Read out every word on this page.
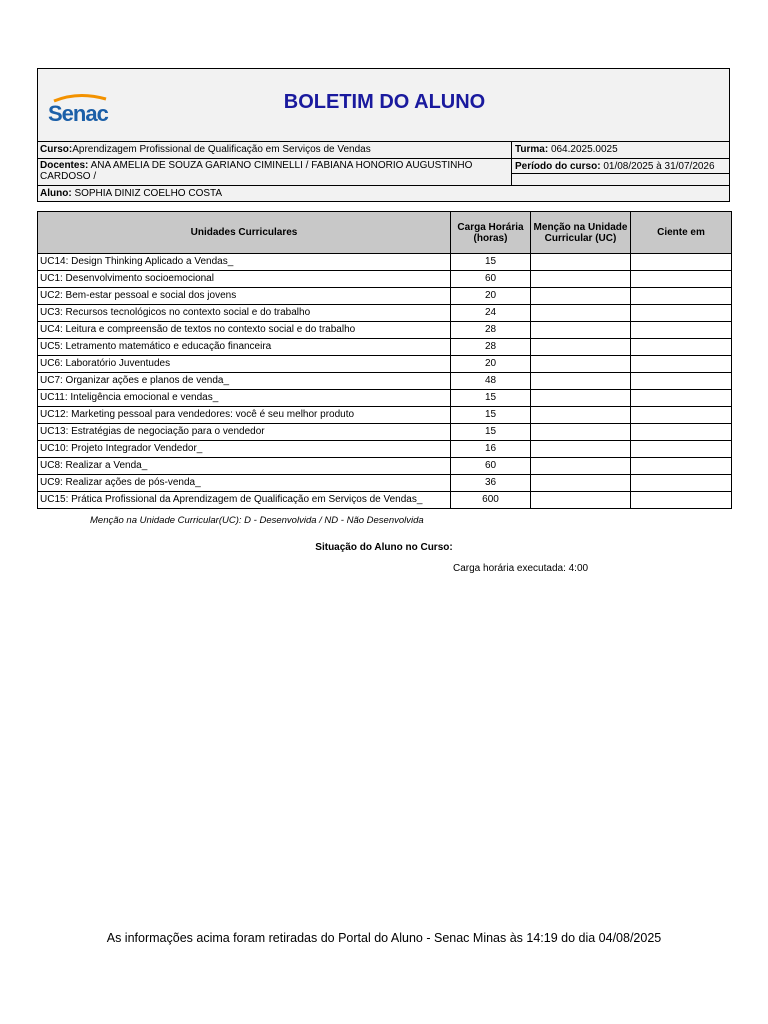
Senac	BOLETIM DO ALUNO
Curso:Aprendizagem Profissional de Qualificação em Serviços de Vendas	Turma: 064.2025.0025
Docentes: ANA AMELIA DE SOUZA GARIANO CIMINELLI / FABIANA HONORIO AUGUSTINHO CARDOSO /
Período do curso: 01/08/2025 à 31/07/2026
Aluno: SOPHIA DINIZ COELHO COSTA
Unidades Curriculares	Carga Horária (horas)	Menção na Unidade Curricular (UC)	Ciente em
UC14: Design Thinking Aplicado a Vendas_	15		
UC1: Desenvolvimento socioemocional	60		
UC2: Bem-estar pessoal e social dos jovens	20		
UC3: Recursos tecnológicos no contexto social e do trabalho	24		
UC4: Leitura e compreensão de textos no contexto social e do trabalho	28		
UC5: Letramento matemático e educação financeira	28		
UC6: Laboratório Juventudes	20		
UC7: Organizar ações e planos de venda_	48		
UC11: Inteligência emocional e vendas_	15		
UC12: Marketing pessoal para vendedores: você é seu melhor produto	15		
UC13: Estratégias de negociação para o vendedor	15		
UC10: Projeto Integrador Vendedor_	16		
UC8: Realizar a Venda_	60		
UC9: Realizar ações de pós-venda_	36		
UC15: Prática Profissional da Aprendizagem de Qualificação em Serviços de Vendas_	600		
Menção na Unidade Curricular(UC): D - Desenvolvida / ND - Não Desenvolvida
Situação do Aluno no Curso:
Carga horária executada: 4:00
As informações acima foram retiradas do Portal do Aluno - Senac Minas às 14:19 do dia 04/08/2025
